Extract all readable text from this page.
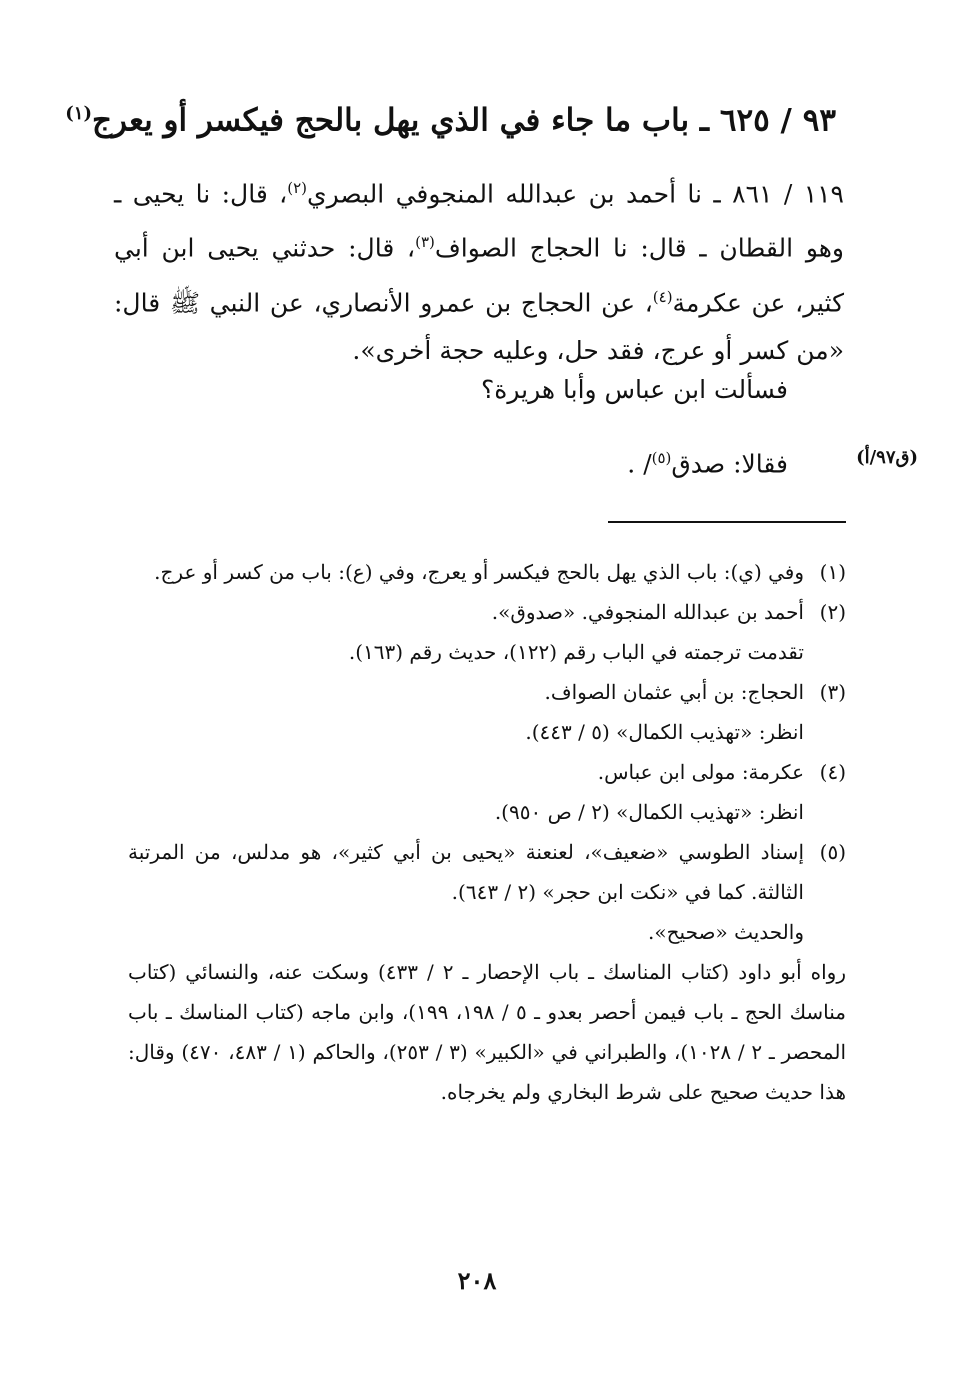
٩٣ / ٦٢٥ ـ باب ما جاء في الذي يهل بالحج فيكسر أو يعرج$^{(١)}$
١١٩ / ٨٦١ ـ نا أحمد بن عبدالله المنجوفي البصري$^{(٢)}$، قال: نا يحيى ـ وهو القطان ـ قال: نا الحجاج الصواف$^{(٣)}$، قال: حدثني يحيى ابن أبي كثير، عن عكرمة$^{(٤)}$، عن الحجاج بن عمرو الأنصاري، عن النبي ﷺ قال: «من كسر أو عرج، فقد حل، وعليه حجة أخرى».
فسألت ابن عباس وأبا هريرة؟
فقالا: صدق$^{(٥)}$/ .	(ق٩٧/أ)
(١)
وفي (ي): باب الذي يهل بالحج فيكسر أو يعرج، وفي (ع): باب من كسر أو عرج.
(٢)
أحمد بن عبدالله المنجوفي. «صدوق».
تقدمت ترجمته في الباب رقم (١٢٢)، حديث رقم (١٦٣).
(٣)
الحجاج: بن أبي عثمان الصواف.
انظر: «تهذيب الكمال» (٥ / ٤٤٣).
(٤)
عكرمة: مولى ابن عباس.
انظر: «تهذيب الكمال» (٢ / ص ٩٥٠).
(٥)
إسناد الطوسي «ضعيف»، لعنعنة «يحيى بن أبي كثير»، هو مدلس، من المرتبة الثالثة. كما في «نكت ابن حجر» (٢ / ٦٤٣).
والحديث «صحيح».
رواه أبو داود (كتاب المناسك ـ باب الإحصار ـ ٢ / ٤٣٣) وسكت عنه، والنسائي (كتاب مناسك الحج ـ باب فيمن أحصر بعدو ـ ٥ / ١٩٨، ١٩٩)، وابن ماجه (كتاب المناسك ـ باب المحصر ـ ٢ / ١٠٢٨)، والطبراني في «الكبير» (٣ / ٢٥٣)، والحاكم (١ / ٤٨٣، ٤٧٠) وقال: هذا حديث صحيح على شرط البخاري ولم يخرجاه.
٢٠٨
